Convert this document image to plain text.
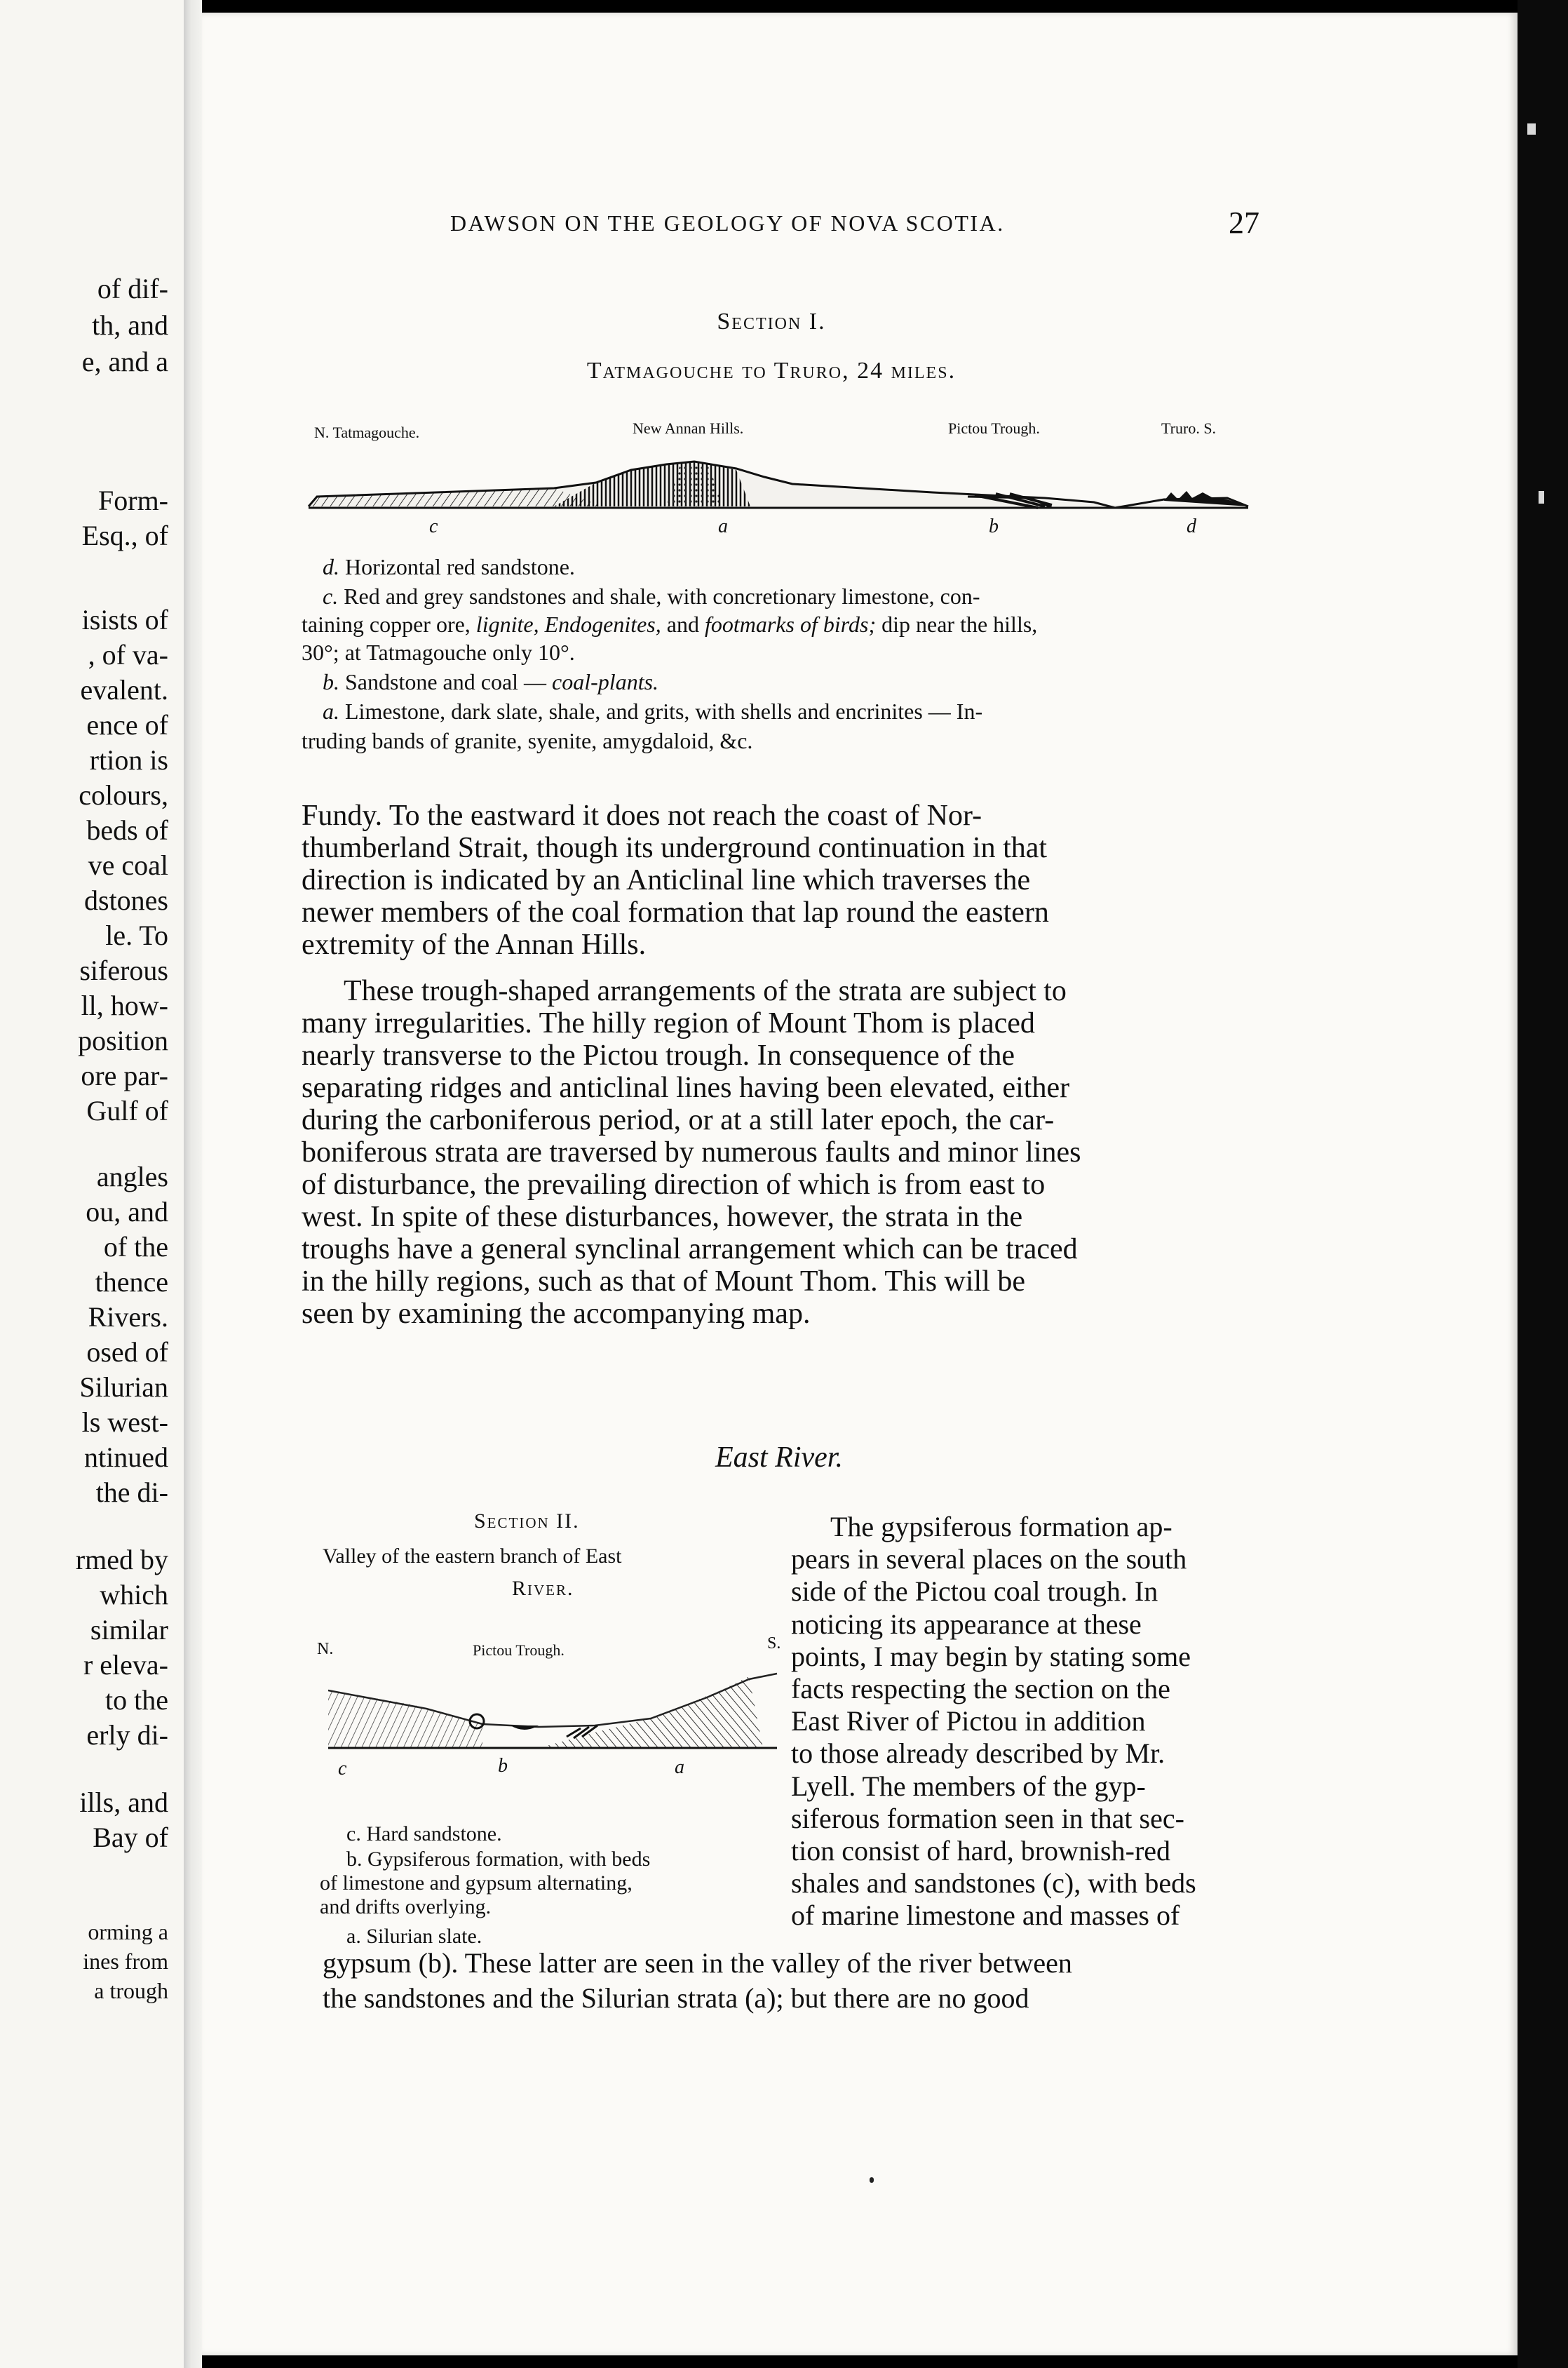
of dif-
th, and
e, and a
Form-
Esq., of
isists of
, of va-
evalent.
ence of
rtion is
colours,
beds of
ve coal
dstones
le. To
siferous
ll, how-
position
ore par-
Gulf of
angles
ou, and
of the
thence
Rivers.
osed of
Silurian
ls west-
ntinued
the di-
rmed by
which
similar
r eleva-
to the
erly di-
ills, and
Bay of
orming a
ines from
a trough
DAWSON ON THE GEOLOGY OF NOVA SCOTIA.	27
Section I.
Tatmagouche to Truro, 24 miles.
N. Tatmagouche.	New Annan Hills.	Pictou Trough.	Truro. S.
c	a	b	d
d. Horizontal red sandstone.
c. Red and grey sandstones and shale, with concretionary limestone, con-
taining copper ore, lignite, Endogenites, and footmarks of birds; dip near the hills,
30°; at Tatmagouche only 10°.
b. Sandstone and coal — coal-plants.
a. Limestone, dark slate, shale, and grits, with shells and encrinites — In-
truding bands of granite, syenite, amygdaloid, &c.
Fundy. To the eastward it does not reach the coast of Nor-
thumberland Strait, though its underground continuation in that
direction is indicated by an Anticlinal line which traverses the
newer members of the coal formation that lap round the eastern
extremity of the Annan Hills.
These trough-shaped arrangements of the strata are subject to
many irregularities. The hilly region of Mount Thom is placed
nearly transverse to the Pictou trough. In consequence of the
separating ridges and anticlinal lines having been elevated, either
during the carboniferous period, or at a still later epoch, the car-
boniferous strata are traversed by numerous faults and minor lines
of disturbance, the prevailing direction of which is from east to
west. In spite of these disturbances, however, the strata in the
troughs have a general synclinal arrangement which can be traced
in the hilly regions, such as that of Mount Thom. This will be
seen by examining the accompanying map.
East River.
Section II.
Valley of the eastern branch of East
River.
N.	Pictou Trough.	S.
c	b	a
c. Hard sandstone.
b. Gypsiferous formation, with beds
of limestone and gypsum alternating,
and drifts overlying.
a. Silurian slate.
The gypsiferous formation ap-
pears in several places on the south
side of the Pictou coal trough. In
noticing its appearance at these
points, I may begin by stating some
facts respecting the section on the
East River of Pictou in addition
to those already described by Mr.
Lyell. The members of the gyp-
siferous formation seen in that sec-
tion consist of hard, brownish-red
shales and sandstones (c), with beds
of marine limestone and masses of
gypsum (b). These latter are seen in the valley of the river between
the sandstones and the Silurian strata (a); but there are no good
